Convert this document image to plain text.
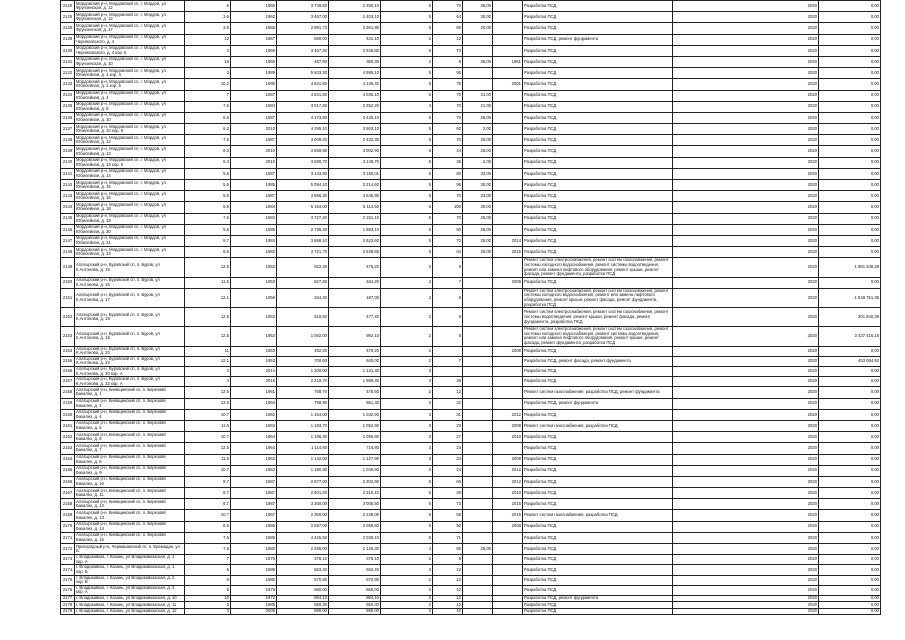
2120	Мордовский р-н, Мордовский сп, г. Мордов, ул Фрунзенская, д. 12	6	1960	3 749,50	2 350,10	5	70	35,00		Разработка ПСД	2020	0,00
2125	Мордовский р-н, Мордовский сп, г. Мордов, ул Фрунзенская, д. 12	3.6	1962	3 467,00	2 403,10	5	64	30,00		Разработка ПСД	2020	0,00
2126	Мордовский р-н, Мордовский сп, г. Мордов, ул Фрунзенская, д. 17	3.5	1955	2 991,73	2 361,90	5	60	20,00		Разработка ПСД	2020	0,00
2128	Мордовский р-н, Мордовский сп, г. Мордов, ул Черняховского, д. 4	12	1967	590,00	441,10	2	12			Разработка ПСД, ремонт фундамента	2020	0,00
2130	Мордовский р-н, Мордовский сп, г. Мордов, ул Черняховского, д. 4 кор. 6	3	1969	3 467,40	2 945,80	5	73			Разработка ПСД	2020	0,00
2131	Мордовский р-н, Мордовский сп, г. Мордов, ул Фрунзенская, д. 10	18	1960	487,90	350,30	2	8	35,00	1961	Разработка ПСД	2020	0,00
2132	Мордовский р-н, Мордовский сп, г. Мордов, ул Юбилейная, д. 1 кор. 4	3	1989	5 503,30	4 995,10	5	95			Разработка ПСД	2020	0,00
2133	Мордовский р-н, Мордовский сп, г. Мордов, ул Юбилейная, д. 1 кор. 5	10.2	1990	4 631,80	4 136,40	5	75		2001	Разработка ПСД	2020	0,00
2134	Мордовский р-н, Мордовский сп, г. Мордов, ул Юбилейная, д. 4	7	1987	4 631,80	4 035,10	5	70	31,00		Разработка ПСД	2020	0,00
2135	Мордовский р-н, Мордовский сп, г. Мордов, ул Юбилейная, д. 8	7.6	1984	3 017,80	2 352,20	4	70	21,00		Разработка ПСД	2020	0,00
2136	Мордовский р-н, Мордовский сп, г. Мордов, ул Юбилейная, д. 10	6.5	1987	4 173,80	3 425,10	5	70	25,00		Разработка ПСД	2020	0,00
2137	Мордовский р-н, Мордовский сп, г. Мордов, ул Юбилейная, д. 10 кор. 8	6.3	2010	4 295,10	3 903,10	5	60	2,00		Разработка ПСД	2020	0,00
2138	Мордовский р-н, Мордовский сп, г. Мордов, ул Юбилейная, д. 12	7.5	1987	3 009,20	2 432,30	5	70	25,00		Разработка ПСД	2020	0,00
2139	Мордовский р-н, Мордовский сп, г. Мордов, ул Юбилейная, д. 13	6.3	2010	3 656,90	3 002,90	5	44	25,00		Разработка ПСД	2020	0,00
2140	Мордовский р-н, Мордовский сп, г. Мордов, ул Юбилейная, д. 13 кор. 5	6.3	2010	3 590,70	3 148,70	5	45	2,00		Разработка ПСД	2020	0,00
2141	Мордовский р-н, Мордовский сп, г. Мордов, ул Юбилейная, д. 14	5.5	1987	3 143,90	3 150,01	5	80	33,00		Разработка ПСД	2020	0,00
2142	Мордовский р-н, Мордовский сп, г. Мордов, ул Юбилейная, д. 15	5.5	1985	5 094,10	3 214,60	5	96	30,00		Разработка ПСД	2020	0,00
2143	Мордовский р-н, Мордовский сп, г. Мордов, ул Юбилейная, д. 16	5.5	1987	3 566,30	3 545,90	5	70	33,00		Разработка ПСД	2020	0,00
2144	Мордовский р-н, Мордовский сп, г. Мордов, ул Юбилейная, д. 18	5.5	1984	5 154,00	5 114,50	6	100	30,00		Разработка ПСД	2020	0,00
2145	Мордовский р-н, Мордовский сп, г. Мордов, ул Юбилейная, д. 19	7.6	1983	3 727,40	2 151,10	5	70	25,00		Разработка ПСД	2020	0,00
2146	Мордовский р-н, Мордовский сп, г. Мордов, ул Юбилейная, д. 20	5.5	1985	2 795,30	1 983,10	5	50	25,00		Разработка ПСД	2020	0,00
2147	Мордовский р-н, Мордовский сп, г. Мордов, ул Юбилейная, д. 21	8.7	1984	3 668,10	2 623,60	5	70	25,00	2014	Разработка ПСД	2020	0,00
2148	Мордовский р-н, Мордовский сп, г. Мордов, ул Юбилейная, д. 23	6.6	1983	3 721,70	2 539,60	5	64	25,00	2015	Разработка ПСД	2020	0,00
2149	Алатырский р-н, Буровский сп, п. Буров, ул К.Антонова, д. 15	12.5	1953	522,40	475,20	2	8			Ремонт систем электроснабжения, ремонт систем газоснабжения, ремонт системы холодного водоснабжения, ремонт системы водоотведения, ремонт или замена лифтового оборудования, ремонт крыши, ремонт фасада, ремонт фундамента, разработка ПСД	2020	1 881 648,28
2150	Алатырский р-н, Буровский сп, п. Буров, ул К.Антонова, д. 16	11.5	1953	527,80	484,20	2	7		2008	Разработка ПСД	2020	0,00
2151	Алатырский р-н, Буровский сп, п. Буров, ул К.Антонова, д. 17	12.1	1958	344,40	187,00	2	8			Ремонт систем электроснабжения, ремонт систем газоснабжения, ремонт системы холодного водоснабжения, ремонт или замена лифтового оборудования, ремонт крыши, ремонт фасада, ремонт фундамента, разработка ПСД	2020	1 548 751,35
2152	Алатырский р-н, Буровский сп, п. Буров, ул К.Антонова, д. 18	12.5	1953	518,50	477,40	2	8			Ремонт систем электроснабжения, ремонт систем газоснабжения, ремонт системы водоотведения, ремонт крыши, ремонт фасада, ремонт фундамента, разработка ПСД	2020	301 940,39
2153	Алатырский р-н, Буровский сп, п. Буров, ул К.Антонова, д. 19	12.5	1953	1 092,00	992,10	2	8			Ремонт систем электроснабжения, ремонт систем газоснабжения, ремонт системы холодного водоснабжения, ремонт системы водоотведения, ремонт или замена лифтового оборудования, ремонт крыши, ремонт фасада, ремонт фундамента, разработка ПСД	2020	3 437 416,18
2154	Алатырский р-н, Буровский сп, п. Буров, ул К.Антонова, д. 20	11	1953	492,20	470,20	2			2008	Разработка ПСД	2020	0,00
2155	Алатырский р-н, Буровский сп, п. Буров, ул К.Антонова, д. 22	12.1	1953	700,60	640,00	2	7			Разработка ПСД, ремонт фасада, ремонт фундамента	2020	453 064,92
2156	Алатырский р-н, Буровский сп, п. Буров, ул К.Антонова, д. 30 кор. А	3	2014	1 200,00	1 131,30	3				Разработка ПСД	2020	0,00
2157	Алатырский р-н, Буровский сп, п. Буров, ул К.Антонова, д. 32 кор. А	4	2015	2 219,70	1 989,30	3	36			Разработка ПСД	2020	0,00
2158	Алатырский р-н, Киевщинский сп, п. Березовй Бакалнх, д. 1	12.6	1961	768,70	476,50	2	12			Ремонт систем газоснабжения, разработка ПСД, ремонт фундамента	2020	0,00
2159	Алатырский р-н, Киевщинский сп, п. Березовй Бакалнх, д. 2	13.6	1964	798,90	581,30	2	22			Разработка ПСД, ремонт фундамента	2020	0,00
2160	Алатырский р-н, Киевщинский сп, п. Березовй Бакалнх, д. 4	10.7	1962	1 154,00	1 032,90	3	31		2012	Разработка ПСД	2020	0,00
2161	Алатырский р-н, Киевщинский сп, п. Березовй Бакалнх, д. 5	11.5	1963	1 183,70	1 052,90	3	23		2008	Ремонт систем газоснабжения, разработка ПСД	2020	0,00
2162	Алатырский р-н, Киевщинский сп, п. Березовй Бакалнх, д. 6	10.7	1964	1 196,40	1 065,90	3	27		2010	Разработка ПСД	2020	0,00
2163	Алатырский р-н, Киевщинский сп, п. Березовй Бакалнх, д. 7	12.5	1964	1 114,80	716,80	3	24			Разработка ПСД	2020	0,00
2164	Алатырский р-н, Киевщинский сп, п. Березовй Бакалнх, д. 8	11.5	1963	1 142,00	1 127,90	3	24		2008	Разработка ПСД	2020	0,00
2165	Алатырский р-н, Киевщинский сп, п. Березовй Бакалнх, д. 9	10.7	1963	1 180,90	1 046,90	3	24		2012	Разработка ПСД	2020	0,00
2166	Алатырский р-н, Киевщинский сп, п. Березовй Бакалнх, д. 10	8.7	1987	2 577,00	2 302,90	5	60		2012	Разработка ПСД	2020	0,00
2167	Алатырский р-н, Киевщинский сп, п. Березовй Бакалнх, д. 11	8.7	1987	2 601,20	2 310,10	5	40		2010	Разработка ПСД	2020	0,00
2168	Алатырский р-н, Киевщинский сп, п. Березовй Бакалнх, д. 12	8.7	1987	3 300,00	3 005,50	5	73		2016	Разработка ПСД	2020	0,00
2169	Алатырский р-н, Киевщинский сп, п. Березовй Бакалнх, д. 13	10.7	1967	2 350,00	2 238,00	5	58		2015	Ремонт систем газоснабжения, разработка ПСД	2020	0,00
2170	Алатырский р-н, Киевщинский сп, п. Березовй Бакалнх, д. 14	8.6	1966	2 597,00	2 059,60	5	50		2008	Разработка ПСД	2020	0,00
2171	Алатырский р-н, Киевщинский сп, п. Березовй Бакалнх, д. 15	7.5	1985	4 425,50	2 035,10	5	71			Разработка ПСД	2020	0,00
2172	Пригородный р-н, Чермашинский сп, п. Еремадан, ул Б.	7.5	1980	2 285,00	2 126,30	4	60	25,00		Разработка ПСД	2020	0,00
2173	г. Владикавказ, г. Казань, ул Владикавказская, д. 1 кор. А	7	1976	378,10	376,10	2	8			Разработка ПСД	2020	0,00
2174	г. Владикавказ, г. Казань, ул Владикавказская, д. 1 кор. Б	6	1989	563,40	562,40	2	12			Разработка ПСД	2020	0,00
2175	г. Владикавказ, г. Казань, ул Владикавказская, д. 2 кор. В	6	1980	570,90	570,90	2	12			Разработка ПСД	2020	0,00
2176	г. Владикавказ, г. Казань, ул Владикавказская, д. 3 кор. А	6	1978	560,00	560,00	2	12			Разработка ПСД	2020	0,00
2177	г. Владикавказ, г. Казань, ул Владикавказская, д. 10	10	1972	864,10	864,10	2	12			Разработка ПСД, ремонт фундамента	2020	0,00
2178	г. Владикавказ, г. Казань, ул Владикавказская, д. 11	6	1985	550,30	550,30	2	12			Разработка ПСД	2020	0,00
2179	г. Владикавказ, г. Казань, ул Владикавказская, д. 12	3	2005	590,00	590,00	2	12			Разработка ПСД	2020	0,00
